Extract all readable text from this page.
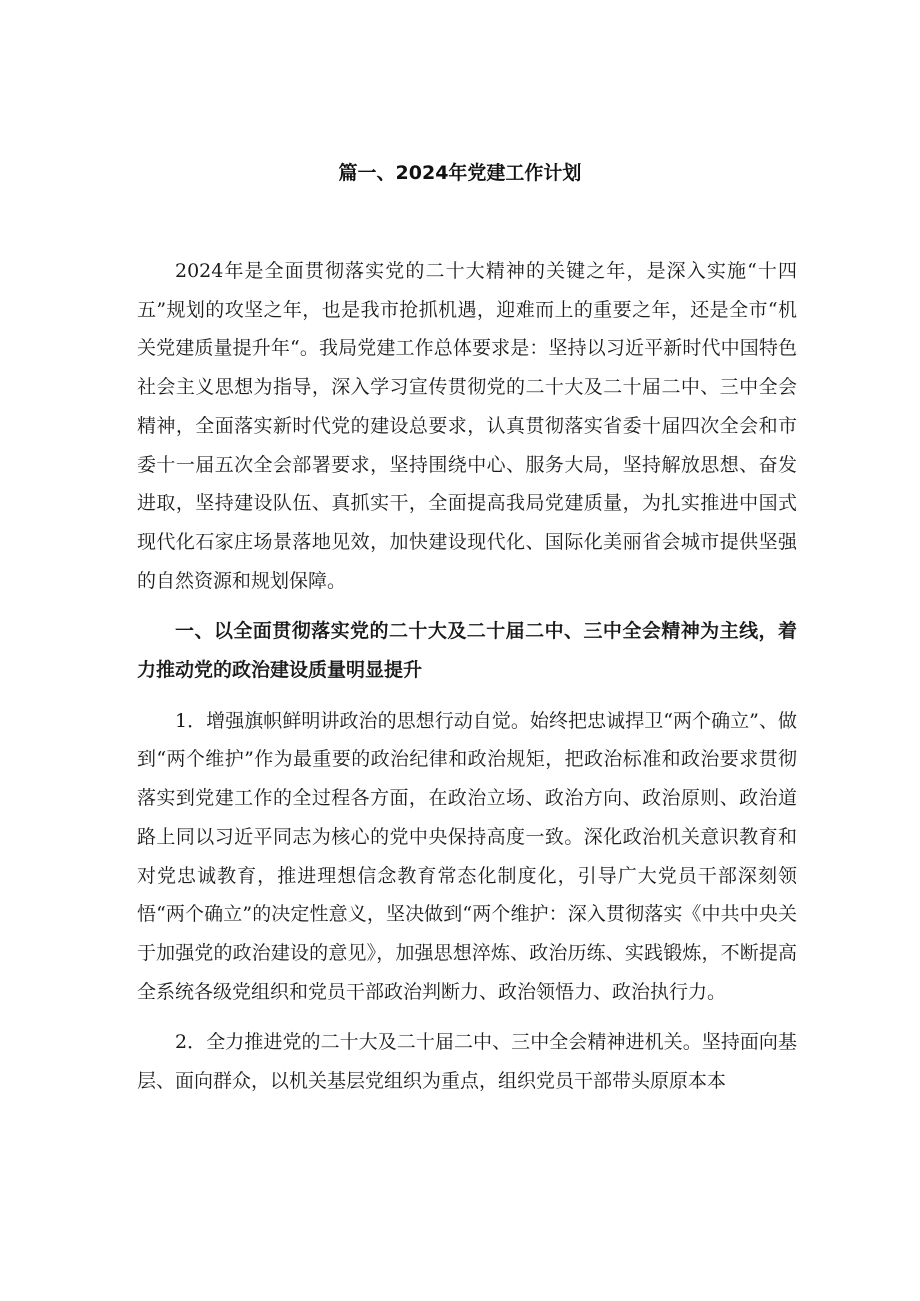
篇一、2024年党建工作计划

2024年是全面贯彻落实党的二十大精神的关键之年，是深入实施“十四五”规划的攻坚之年，也是我市抢抓机遇，迎难而上的重要之年，还是全市“机关党建质量提升年“。我局党建工作总体要求是：坚持以习近平新时代中国特色社会主义思想为指导，深入学习宣传贯彻党的二十大及二十届二中、三中全会精神，全面落实新时代党的建设总要求，认真贯彻落实省委十届四次全会和市委十一届五次全会部署要求，坚持围绕中心、服务大局，坚持解放思想、奋发进取，坚持建设队伍、真抓实干，全面提高我局党建质量，为扎实推进中国式现代化石家庄场景落地见效，加快建设现代化、国际化美丽省会城市提供坚强的自然资源和规划保障。

一、以全面贯彻落实党的二十大及二十届二中、三中全会精神为主线，着力推动党的政治建设质量明显提升

1．增强旗帜鲜明讲政治的思想行动自觉。始终把忠诚捍卫“两个确立”、做到“两个维护”作为最重要的政治纪律和政治规矩，把政治标准和政治要求贯彻落实到党建工作的全过程各方面，在政治立场、政治方向、政治原则、政治道路上同以习近平同志为核心的党中央保持高度一致。深化政治机关意识教育和对党忠诚教育，推进理想信念教育常态化制度化，引导广大党员干部深刻领悟“两个确立”的决定性意义，坚决做到“两个维护：深入贯彻落实《中共中央关于加强党的政治建设的意见》，加强思想淬炼、政治历练、实践锻炼，不断提高全系统各级党组织和党员干部政治判断力、政治领悟力、政治执行力。

2．全力推进党的二十大及二十届二中、三中全会精神进机关。坚持面向基层、面向群众，以机关基层党组织为重点，组织党员干部带头原原本本
